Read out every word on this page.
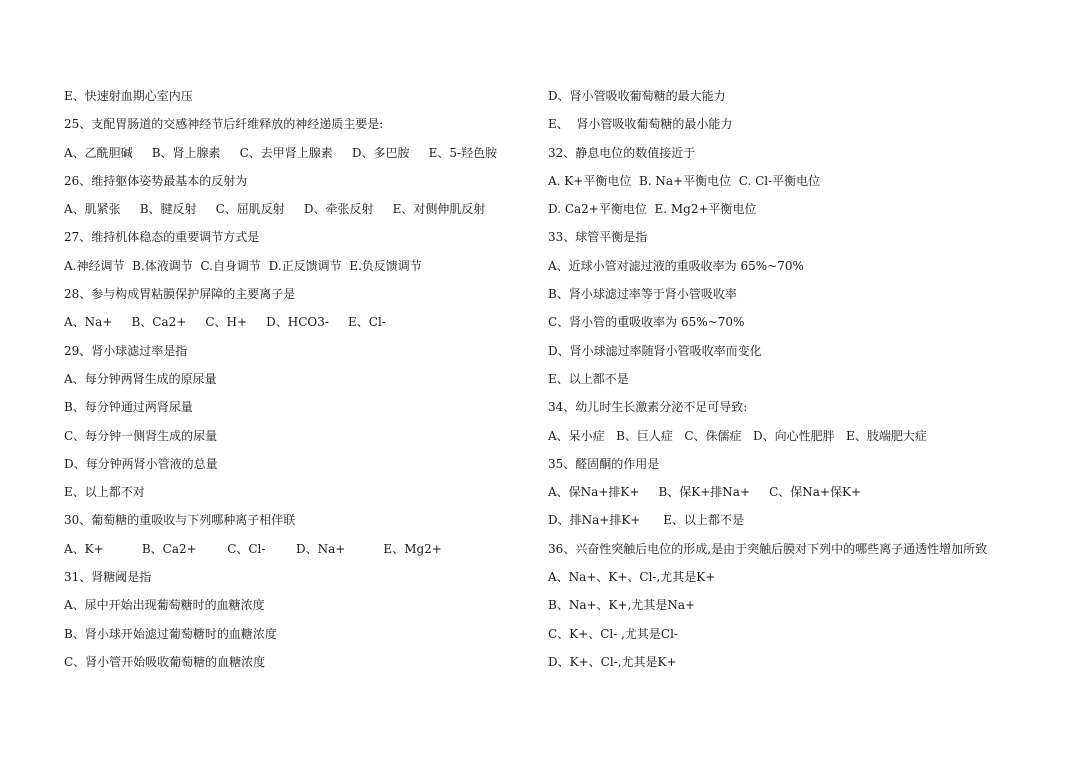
E、快速射血期心室内压
25、支配胃肠道的交感神经节后纤维释放的神经递质主要是:
A、乙酰胆碱     B、肾上腺素     C、去甲肾上腺素     D、多巴胺     E、5-羟色胺
26、维持躯体姿势最基本的反射为
A、肌紧张     B、腱反射     C、屈肌反射     D、牵张反射     E、对侧伸肌反射
27、维持机体稳态的重要调节方式是
A.神经调节  B.体液调节  C.自身调节  D.正反馈调节  E.负反馈调节
28、参与构成胃粘膜保护屏障的主要离子是
A、Na+     B、Ca2+     C、H+     D、HCO3-     E、Cl-
29、肾小球滤过率是指
A、每分钟两肾生成的原尿量
B、每分钟通过两肾尿量
C、每分钟一侧肾生成的尿量
D、每分钟两肾小管液的总量
E、以上都不对
30、葡萄糖的重吸收与下列哪种离子相伴联
A、K+          B、Ca2+        C、Cl-        D、Na+          E、Mg2+
31、肾糖阈是指
A、尿中开始出现葡萄糖时的血糖浓度
B、肾小球开始滤过葡萄糖时的血糖浓度
C、肾小管开始吸收葡萄糖的血糖浓度
D、肾小管吸收葡萄糖的最大能力
E、  肾小管吸收葡萄糖的最小能力
32、静息电位的数值接近于
A. K+平衡电位  B. Na+平衡电位  C. Cl-平衡电位
D. Ca2+平衡电位  E. Mg2+平衡电位
33、球管平衡是指
A、近球小管对滤过液的重吸收率为 65%~70%
B、肾小球滤过率等于肾小管吸收率
C、肾小管的重吸收率为 65%~70%
D、肾小球滤过率随肾小管吸收率而变化
E、以上都不是
34、幼儿时生长激素分泌不足可导致:
A、呆小症   B、巨人症   C、侏儒症   D、向心性肥胖   E、肢端肥大症
35、醛固酮的作用是
A、保Na+排K+     B、保K+排Na+     C、保Na+保K+
D、排Na+排K+      E、以上都不是
36、兴奋性突触后电位的形成,是由于突触后膜对下列中的哪些离子通透性增加所致
A、Na+、K+、Cl-,尤其是K+
B、Na+、K+,尤其是Na+
C、K+、Cl- ,尤其是Cl-
D、K+、Cl-,尤其是K+
